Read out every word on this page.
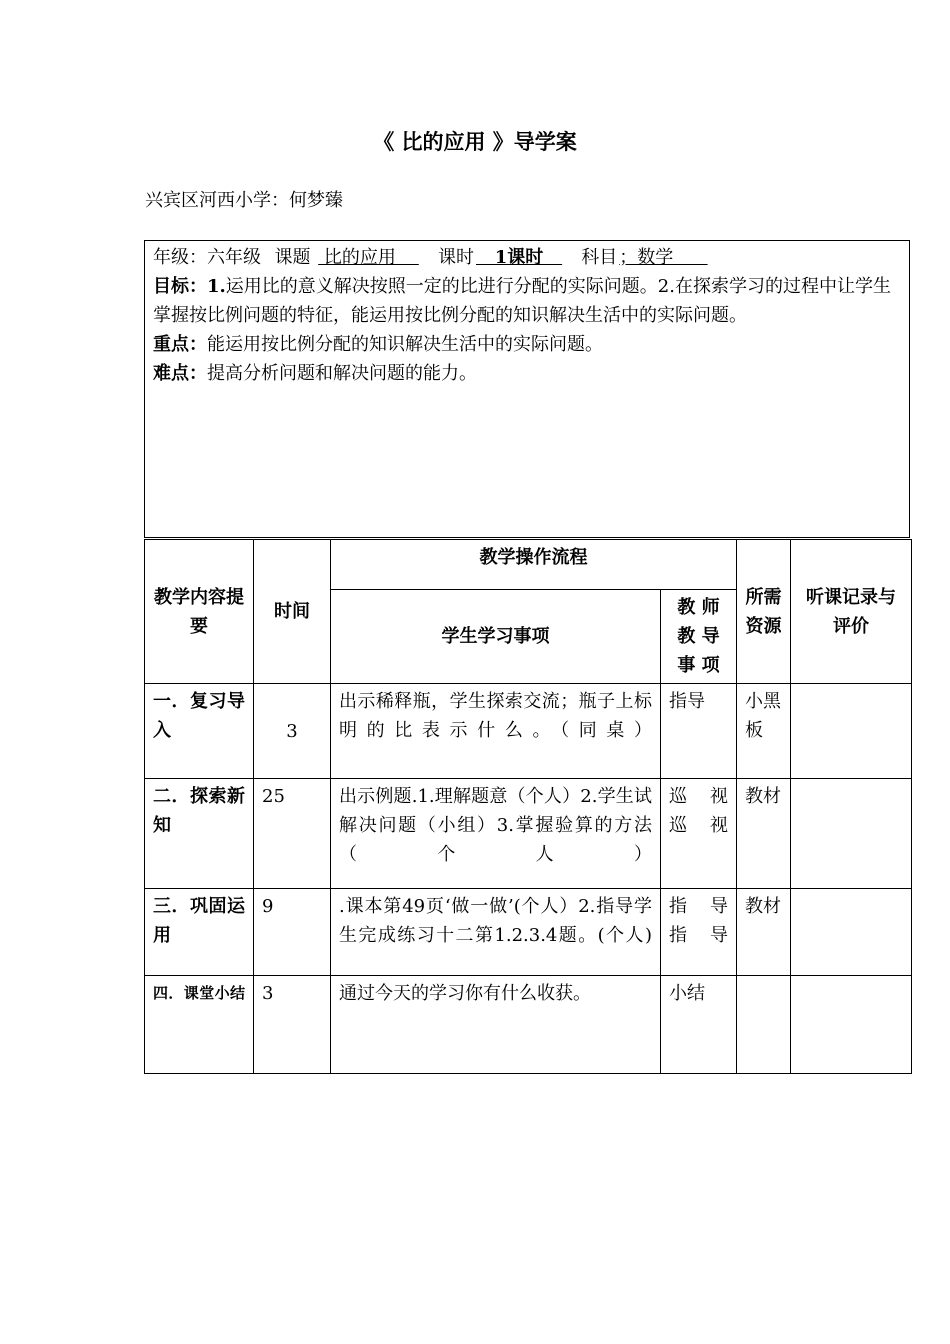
《 比的应用 》导学案
兴宾区河西小学：何梦臻
年级：六年级 课题  比的应用       课时   1课时      科目 ；数学
目标：1.运用比的意义解决按照一定的比进行分配的实际问题。2.在探索学习的过程中让学生掌握按比例问题的特征，能运用按比例分配的知识解决生活中的实际问题。
重点：能运用按比例分配的知识解决生活中的实际问题。
难点：提高分析问题和解决问题的能力。
教学内容提要	时间	教学操作流程		所需资源	听课记录与评价
		学生学习事项	教 师 教 导 事 项		
一．复习导入	3	出示稀释瓶，学生探索交流；瓶子上标明的比表示什么。（同桌）	指导	小黑板	
二．探索新知	25	出示例题.1.理解题意（个人）2.学生试解决问题（小组）3.掌握验算的方法（个人）	巡 视 巡视	教材	
三．巩固运用	9	.课本第49页‘做一做’(个人）2.指导学生完成练习十二第1.2.3.4题。(个人)	指 导 指导	教材	
四．课堂小结	3	通过今天的学习你有什么收获。	小结		
